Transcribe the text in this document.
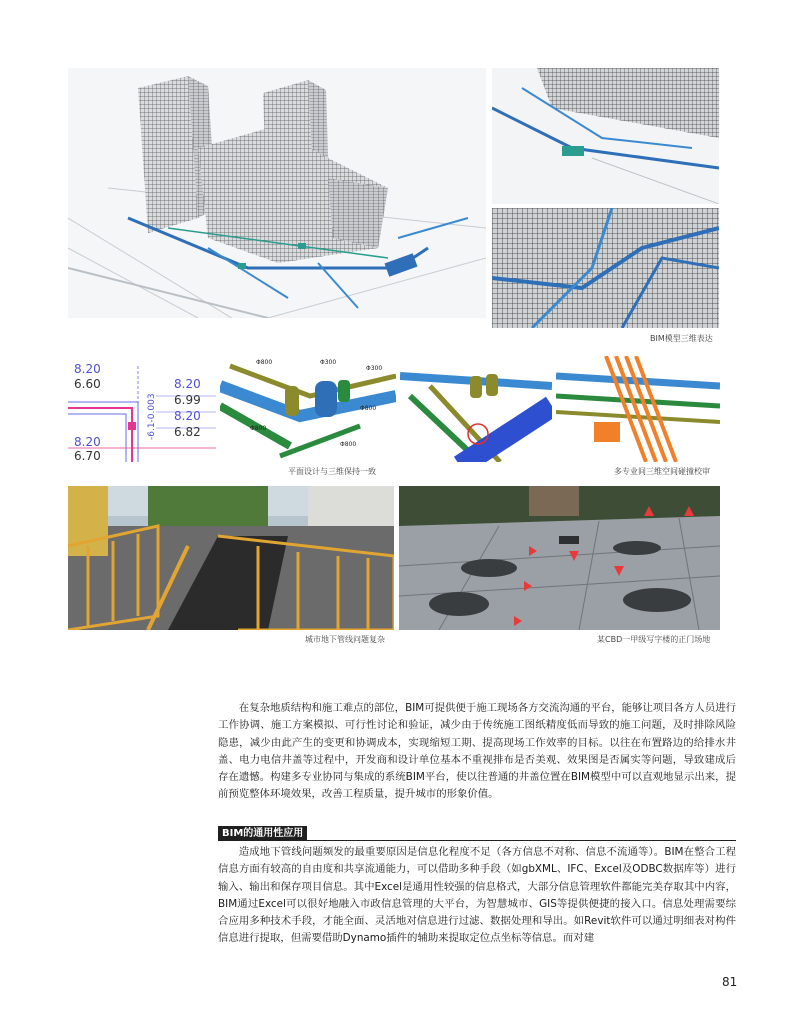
BIM模型三维表达
8.20
6.60	8.20
6.99
8.20
6.82
8.20
6.70
-6.1-0.003
Φ800	Φ300
Φ300
Φ800
Φ800
Φ800
平面设计与三维保持一致	多专业间三维空间碰撞校审
城市地下管线问题复杂	某CBD一甲级写字楼的正门场地

在复杂地质结构和施工难点的部位，BIM可提供便于施工现场各方交流沟通的平台，能够让项目各方人员进行工作协调、施工方案模拟、可行性讨论和验证，减少由于传统施工图纸精度低而导致的施工问题，及时排除风险隐患，减少由此产生的变更和协调成本，实现缩短工期、提高现场工作效率的目标。以往在布置路边的给排水井盖、电力电信井盖等过程中，开发商和设计单位基本不重视排布是否美观、效果图是否属实等问题，导致建成后存在遗憾。构建多专业协同与集成的系统BIM平台，使以往普通的井盖位置在BIM模型中可以直观地显示出来，提前预览整体环境效果，改善工程质量，提升城市的形象价值。

BIM的通用性应用

造成地下管线问题频发的最重要原因是信息化程度不足（各方信息不对称、信息不流通等）。BIM在整合工程信息方面有较高的自由度和共享流通能力，可以借助多种手段（如gbXML、IFC、Excel及ODBC数据库等）进行输入、输出和保存项目信息。其中Excel是通用性较强的信息格式，大部分信息管理软件都能完美存取其中内容，BIM通过Excel可以很好地融入市政信息管理的大平台，为智慧城市、GIS等提供便捷的接入口。信息处理需要综合应用多种技术手段，才能全面、灵活地对信息进行过滤、数据处理和导出。如Revit软件可以通过明细表对构件信息进行提取，但需要借助Dynamo插件的辅助来提取定位点坐标等信息。而对建

81
